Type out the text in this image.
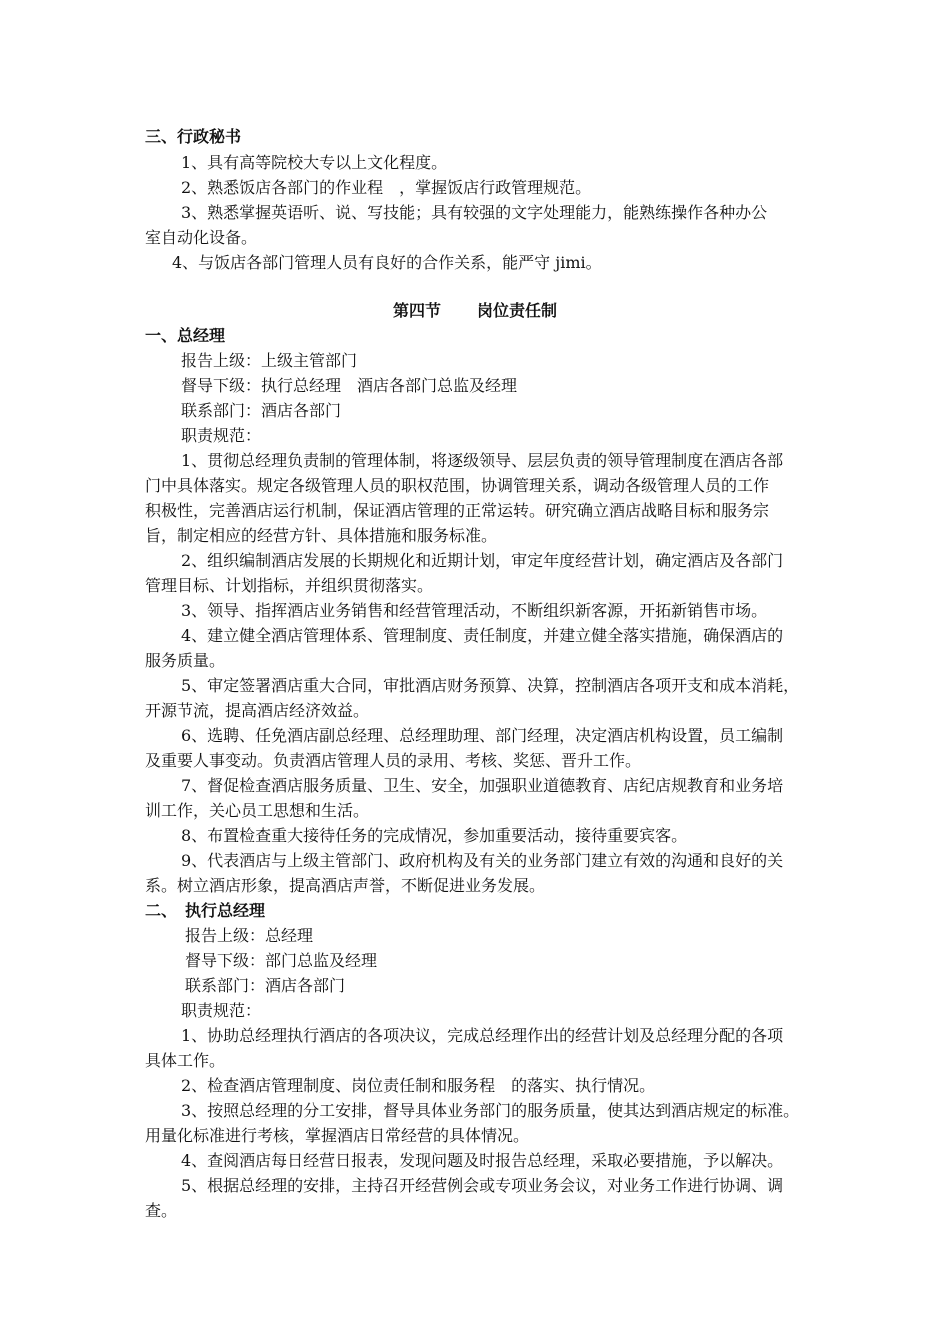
三、行政秘书
1、具有高等院校大专以上文化程度。
2、熟悉饭店各部门的作业程　，掌握饭店行政管理规范。
3、熟悉掌握英语听、说、写技能；具有较强的文字处理能力，能熟练操作各种办公
室自动化设备。
4、与饭店各部门管理人员有良好的合作关系，能严守 jimi。
第四节 岗位责任制
一、总经理
报告上级：上级主管部门
督导下级：执行总经理　酒店各部门总监及经理
联系部门：酒店各部门
职责规范：
1、贯彻总经理负责制的管理体制，将逐级领导、层层负责的领导管理制度在酒店各部
门中具体落实。规定各级管理人员的职权范围，协调管理关系，调动各级管理人员的工作
积极性，完善酒店运行机制，保证酒店管理的正常运转。研究确立酒店战略目标和服务宗
旨，制定相应的经营方针、具体措施和服务标准。
2、组织编制酒店发展的长期规化和近期计划，审定年度经营计划，确定酒店及各部门
管理目标、计划指标，并组织贯彻落实。
3、领导、指挥酒店业务销售和经营管理活动，不断组织新客源，开拓新销售市场。
4、建立健全酒店管理体系、管理制度、责任制度，并建立健全落实措施，确保酒店的
服务质量。
5、审定签署酒店重大合同，审批酒店财务预算、决算，控制酒店各项开支和成本消耗，
开源节流，提高酒店经济效益。
6、选聘、任免酒店副总经理、总经理助理、部门经理，决定酒店机构设置，员工编制
及重要人事变动。负责酒店管理人员的录用、考核、奖惩、晋升工作。
7、督促检查酒店服务质量、卫生、安全，加强职业道德教育、店纪店规教育和业务培
训工作，关心员工思想和生活。
8、布置检查重大接待任务的完成情况，参加重要活动，接待重要宾客。
9、代表酒店与上级主管部门、政府机构及有关的业务部门建立有效的沟通和良好的关
系。树立酒店形象，提高酒店声誉，不断促进业务发展。
二、　执行总经理
报告上级：总经理
督导下级：部门总监及经理
联系部门：酒店各部门
职责规范：
1、协助总经理执行酒店的各项决议，完成总经理作出的经营计划及总经理分配的各项
具体工作。
2、检查酒店管理制度、岗位责任制和服务程　的落实、执行情况。
3、按照总经理的分工安排，督导具体业务部门的服务质量，使其达到酒店规定的标准。
用量化标准进行考核，掌握酒店日常经营的具体情况。
4、查阅酒店每日经营日报表，发现问题及时报告总经理，采取必要措施，予以解决。
5、根据总经理的安排，主持召开经营例会或专项业务会议，对业务工作进行协调、调
查。
